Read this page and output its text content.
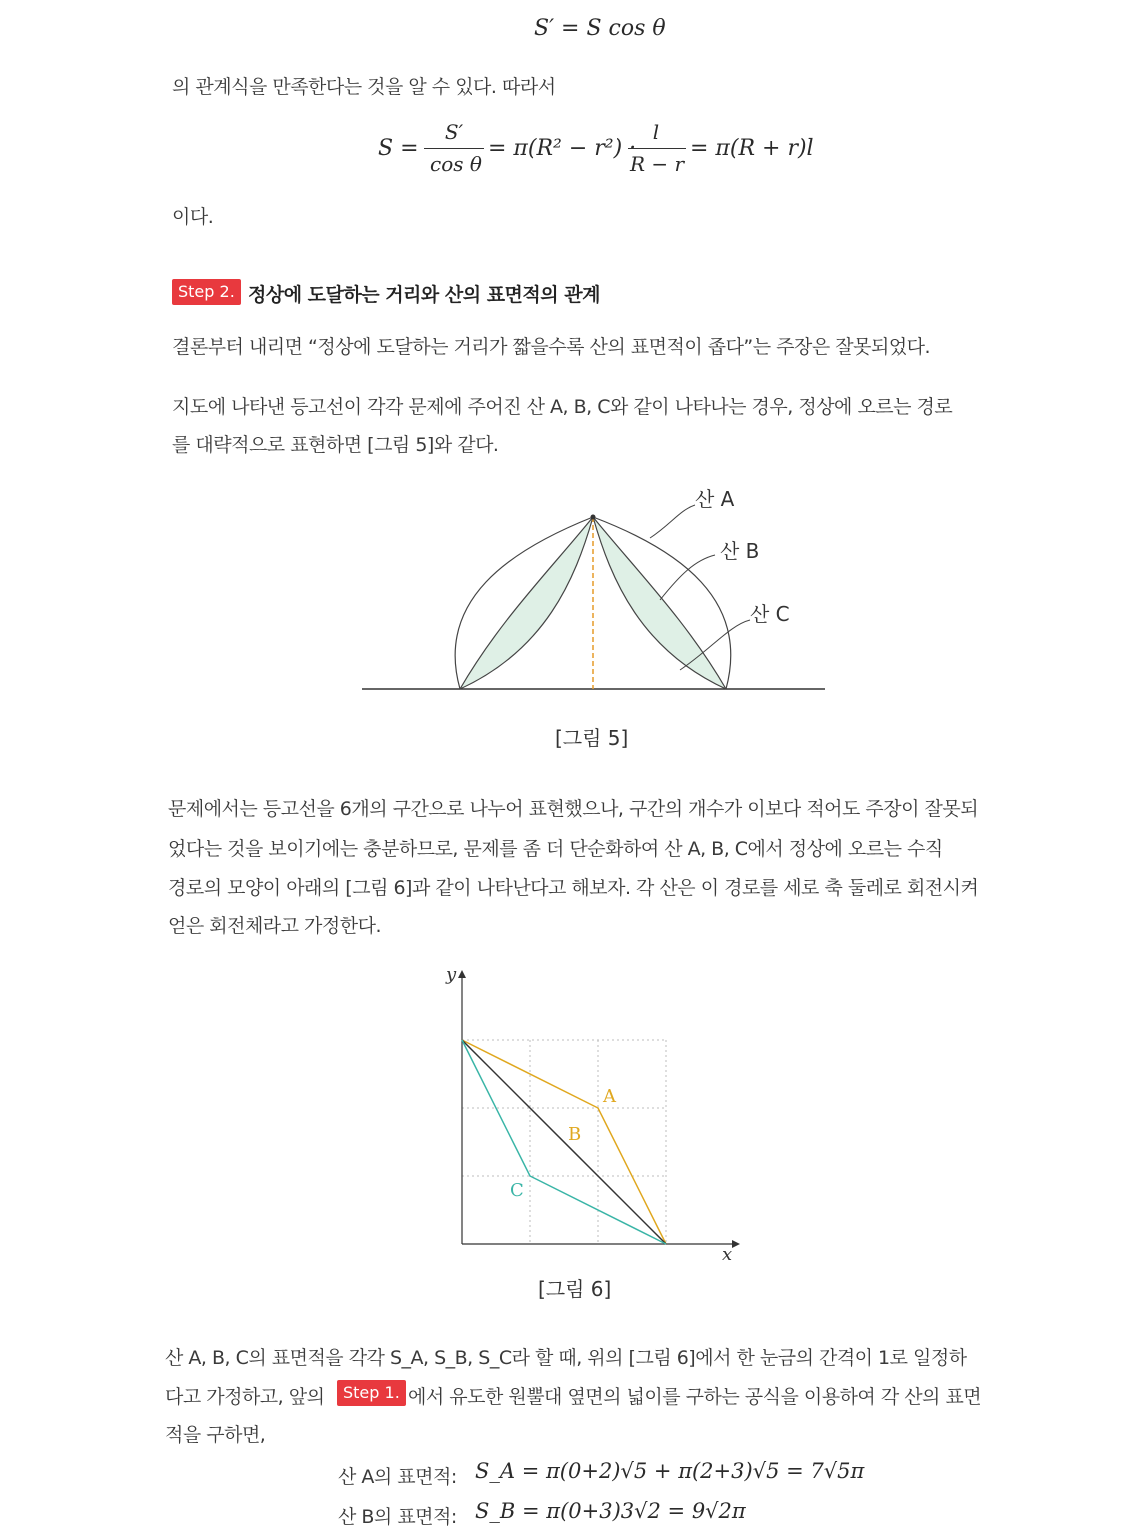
S′ = S cos θ
의 관계식을 만족한다는 것을 알 수 있다. 따라서
S =
S′
cos θ
= π(R² − r²) ·
l
R − r
= π(R + r)l
이다.
Step 2. 정상에 도달하는 거리와 산의 표면적의 관계
결론부터 내리면 “정상에 도달하는 거리가 짧을수록 산의 표면적이 좁다”는 주장은 잘못되었다.
지도에 나타낸 등고선이 각각 문제에 주어진 산 A, B, C와 같이 나타나는 경우, 정상에 오르는 경로
를 대략적으로 표현하면 [그림 5]와 같다.
산 A
산 B
산 C
[그림 5]
문제에서는 등고선을 6개의 구간으로 나누어 표현했으나, 구간의 개수가 이보다 적어도 주장이 잘못되
었다는 것을 보이기에는 충분하므로, 문제를 좀 더 단순화하여 산 A, B, C에서 정상에 오르는 수직
경로의 모양이 아래의 [그림 6]과 같이 나타난다고 해보자. 각 산은 이 경로를 세로 축 둘레로 회전시켜
얻은 회전체라고 가정한다.
y
x
A
B
C
[그림 6]
산 A, B, C의 표면적을 각각 S_A, S_B, S_C라 할 때, 위의 [그림 6]에서 한 눈금의 간격이 1로 일정하
다고 가정하고, 앞의	Step 1. 에서 유도한 원뿔대 옆면의 넓이를 구하는 공식을 이용하여 각 산의 표면
적을 구하면,
산 A의 표면적: S_A = π(0+2)√5 + π(2+3)√5 = 7√5π
산 B의 표면적: S_B = π(0+3)3√2 = 9√2π
